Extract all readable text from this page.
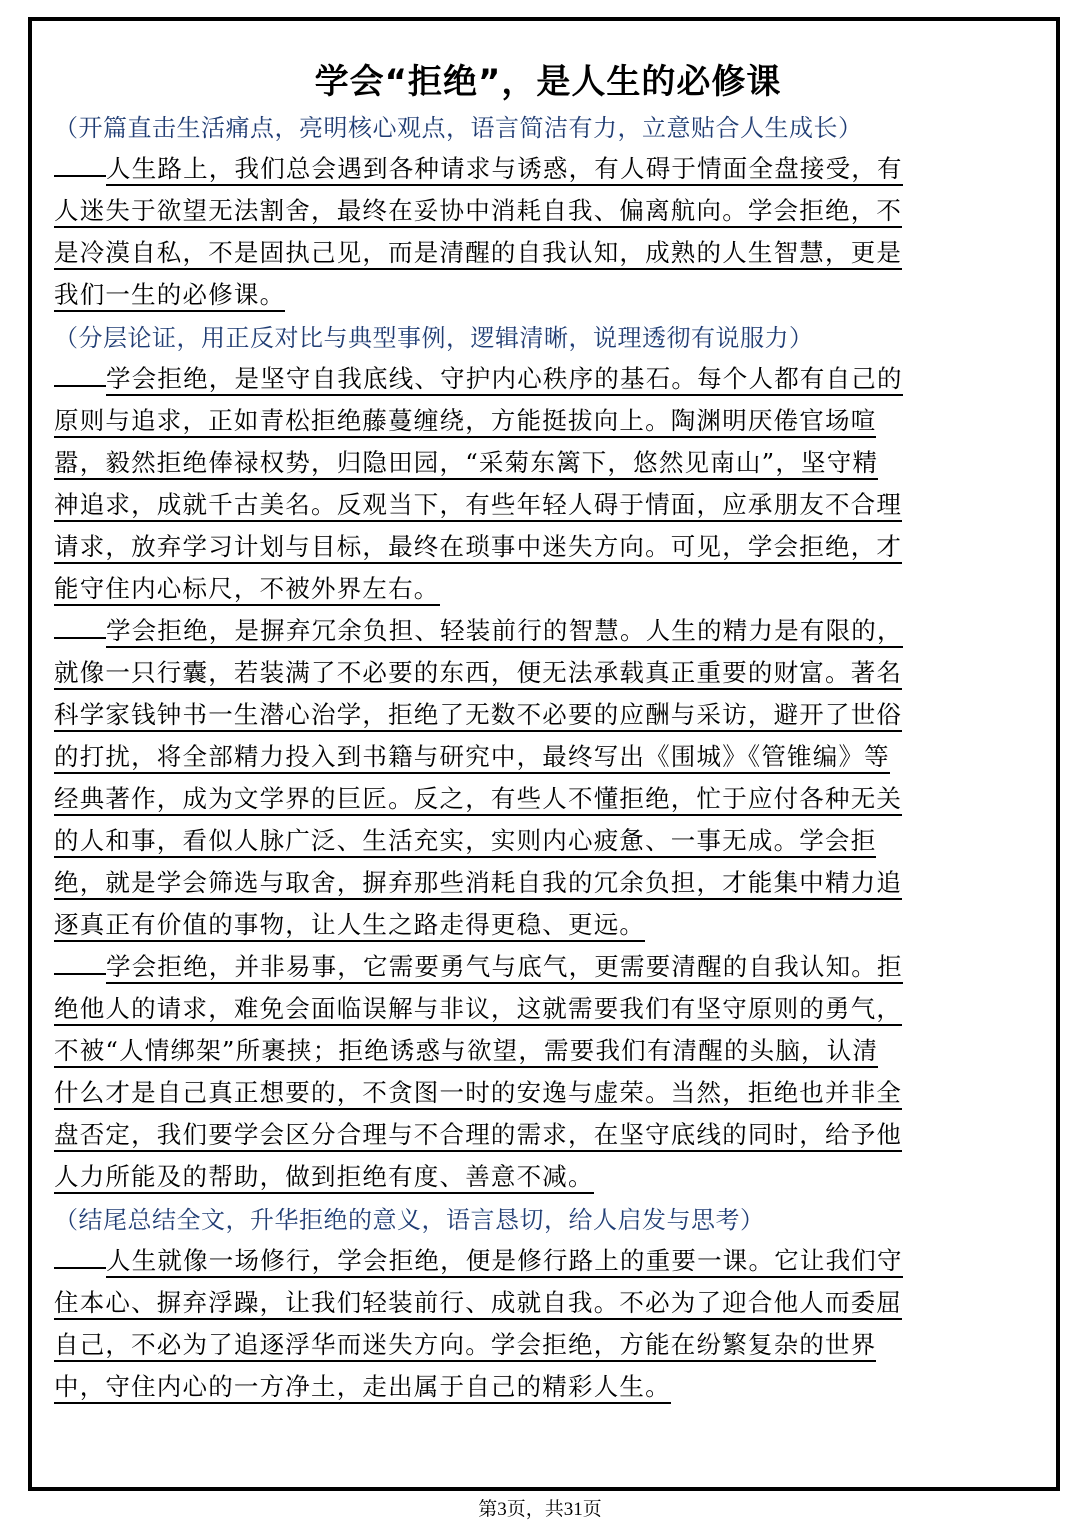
学会“拒绝”，是人生的必修课
（开篇直击生活痛点，亮明核心观点，语言简洁有力，立意贴合人生成长）
人生路上，我们总会遇到各种请求与诱惑，有人碍于情面全盘接受，有
人迷失于欲望无法割舍，最终在妥协中消耗自我、偏离航向。学会拒绝，不
是冷漠自私，不是固执己见，而是清醒的自我认知，成熟的人生智慧，更是
我们一生的必修课。
（分层论证，用正反对比与典型事例，逻辑清晰，说理透彻有说服力）
学会拒绝，是坚守自我底线、守护内心秩序的基石。每个人都有自己的
原则与追求，正如青松拒绝藤蔓缠绕，方能挺拔向上。陶渊明厌倦官场喧
嚣，毅然拒绝俸禄权势，归隐田园，“采菊东篱下，悠然见南山”，坚守精
神追求，成就千古美名。反观当下，有些年轻人碍于情面，应承朋友不合理
请求，放弃学习计划与目标，最终在琐事中迷失方向。可见，学会拒绝，才
能守住内心标尺，不被外界左右。
学会拒绝，是摒弃冗余负担、轻装前行的智慧。人生的精力是有限的，
就像一只行囊，若装满了不必要的东西，便无法承载真正重要的财富。著名
科学家钱钟书一生潜心治学，拒绝了无数不必要的应酬与采访，避开了世俗
的打扰，将全部精力投入到书籍与研究中，最终写出《围城》《管锥编》等
经典著作，成为文学界的巨匠。反之，有些人不懂拒绝，忙于应付各种无关
的人和事，看似人脉广泛、生活充实，实则内心疲惫、一事无成。学会拒
绝，就是学会筛选与取舍，摒弃那些消耗自我的冗余负担，才能集中精力追
逐真正有价值的事物，让人生之路走得更稳、更远。
学会拒绝，并非易事，它需要勇气与底气，更需要清醒的自我认知。拒
绝他人的请求，难免会面临误解与非议，这就需要我们有坚守原则的勇气，
不被“人情绑架”所裹挟；拒绝诱惑与欲望，需要我们有清醒的头脑，认清
什么才是自己真正想要的，不贪图一时的安逸与虚荣。当然，拒绝也并非全
盘否定，我们要学会区分合理与不合理的需求，在坚守底线的同时，给予他
人力所能及的帮助，做到拒绝有度、善意不减。
（结尾总结全文，升华拒绝的意义，语言恳切，给人启发与思考）
人生就像一场修行，学会拒绝，便是修行路上的重要一课。它让我们守
住本心、摒弃浮躁，让我们轻装前行、成就自我。不必为了迎合他人而委屈
自己，不必为了追逐浮华而迷失方向。学会拒绝，方能在纷繁复杂的世界
中，守住内心的一方净土，走出属于自己的精彩人生。
第3页，共31页
